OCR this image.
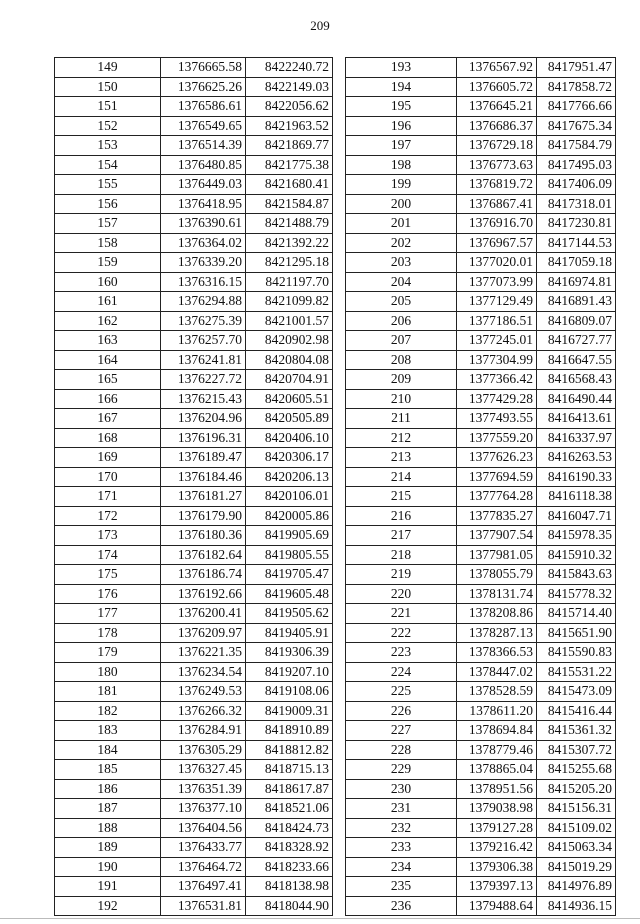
209
149	1376665.58	8422240.72
150	1376625.26	8422149.03
151	1376586.61	8422056.62
152	1376549.65	8421963.52
153	1376514.39	8421869.77
154	1376480.85	8421775.38
155	1376449.03	8421680.41
156	1376418.95	8421584.87
157	1376390.61	8421488.79
158	1376364.02	8421392.22
159	1376339.20	8421295.18
160	1376316.15	8421197.70
161	1376294.88	8421099.82
162	1376275.39	8421001.57
163	1376257.70	8420902.98
164	1376241.81	8420804.08
165	1376227.72	8420704.91
166	1376215.43	8420605.51
167	1376204.96	8420505.89
168	1376196.31	8420406.10
169	1376189.47	8420306.17
170	1376184.46	8420206.13
171	1376181.27	8420106.01
172	1376179.90	8420005.86
173	1376180.36	8419905.69
174	1376182.64	8419805.55
175	1376186.74	8419705.47
176	1376192.66	8419605.48
177	1376200.41	8419505.62
178	1376209.97	8419405.91
179	1376221.35	8419306.39
180	1376234.54	8419207.10
181	1376249.53	8419108.06
182	1376266.32	8419009.31
183	1376284.91	8418910.89
184	1376305.29	8418812.82
185	1376327.45	8418715.13
186	1376351.39	8418617.87
187	1376377.10	8418521.06
188	1376404.56	8418424.73
189	1376433.77	8418328.92
190	1376464.72	8418233.66
191	1376497.41	8418138.98
192	1376531.81	8418044.90
193	1376567.92	8417951.47
194	1376605.72	8417858.72
195	1376645.21	8417766.66
196	1376686.37	8417675.34
197	1376729.18	8417584.79
198	1376773.63	8417495.03
199	1376819.72	8417406.09
200	1376867.41	8417318.01
201	1376916.70	8417230.81
202	1376967.57	8417144.53
203	1377020.01	8417059.18
204	1377073.99	8416974.81
205	1377129.49	8416891.43
206	1377186.51	8416809.07
207	1377245.01	8416727.77
208	1377304.99	8416647.55
209	1377366.42	8416568.43
210	1377429.28	8416490.44
211	1377493.55	8416413.61
212	1377559.20	8416337.97
213	1377626.23	8416263.53
214	1377694.59	8416190.33
215	1377764.28	8416118.38
216	1377835.27	8416047.71
217	1377907.54	8415978.35
218	1377981.05	8415910.32
219	1378055.79	8415843.63
220	1378131.74	8415778.32
221	1378208.86	8415714.40
222	1378287.13	8415651.90
223	1378366.53	8415590.83
224	1378447.02	8415531.22
225	1378528.59	8415473.09
226	1378611.20	8415416.44
227	1378694.84	8415361.32
228	1378779.46	8415307.72
229	1378865.04	8415255.68
230	1378951.56	8415205.20
231	1379038.98	8415156.31
232	1379127.28	8415109.02
233	1379216.42	8415063.34
234	1379306.38	8415019.29
235	1379397.13	8414976.89
236	1379488.64	8414936.15
